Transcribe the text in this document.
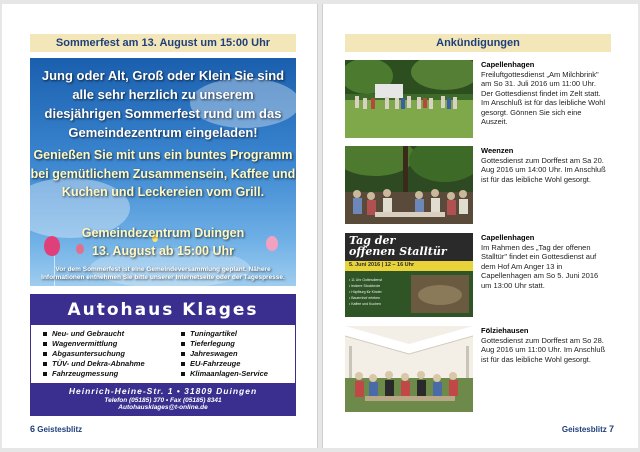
Sommerfest am 13. August um 15:00 Uhr
Jung oder Alt, Groß oder Klein Sie sind alle sehr herzlich zu unserem diesjährigen Sommerfest rund um das Gemeindezentrum eingeladen!
Genießen Sie mit uns ein buntes Programm bei gemütlichem Zusammensein, Kaffee und Kuchen und Leckereien vom Grill.
Gemeindezentrum Duingen
13. August ab 15:00 Uhr
Vor dem Sommerfest ist eine Gemeindeversammlung geplant. Nähere Informationen entnehmen Sie bitte unserer Internetseite oder der Tagespresse.
Autohaus Klages
Neu- und Gebraucht
Wagenvermittlung
Abgasuntersuchung
TÜV- und Dekra-Abnahme
Fahrzeugmessung
Tuningartikel
Tieferlegung
Jahreswagen
EU-Fahrzeuge
Klimaanlagen-Service
Heinrich-Heine-Str. 1 • 31809 Duingen
Telefon (05185) 370 • Fax (05185) 8341
Autohausklages@t-online.de
6 Geistesblitz
Ankündigungen
Capellenhagen
Freiluftgottesdienst „Am Milchbrink" am So 31. Juli 2016 um 11:00 Uhr. Der Gottesdienst findet im Zelt statt. Im Anschluß ist für das leibliche Wohl gesorgt. Gönnen Sie sich eine Auszeit.
Weenzen
Gottesdienst zum Dorffest am Sa 20. Aug 2016 um 14:00 Uhr. Im Anschluß ist für das leibliche Wohl gesorgt.
• 11 Uhr Gottesdienst
• leckere Stockbrote
• Hüpfburg für Kinder
• Bauernhof erleben
• Kaffee und Kuchen
Tag der
offenen Stalltür
5. Juni 2016 | 12 – 16 Uhr
Capellenhagen
Im Rahmen des „Tag der offenen Stalltür" findet ein Gottesdienst auf dem Hof Am Anger 13 in Capellenhagen am So 5. Juni 2016 um 13:00 Uhr statt.
Fölziehausen
Gottesdienst zum Dorffest am So 28. Aug 2016 um 11:00 Uhr. Im Anschluß ist für das leibliche Wohl gesorgt.
Geistesblitz 7
